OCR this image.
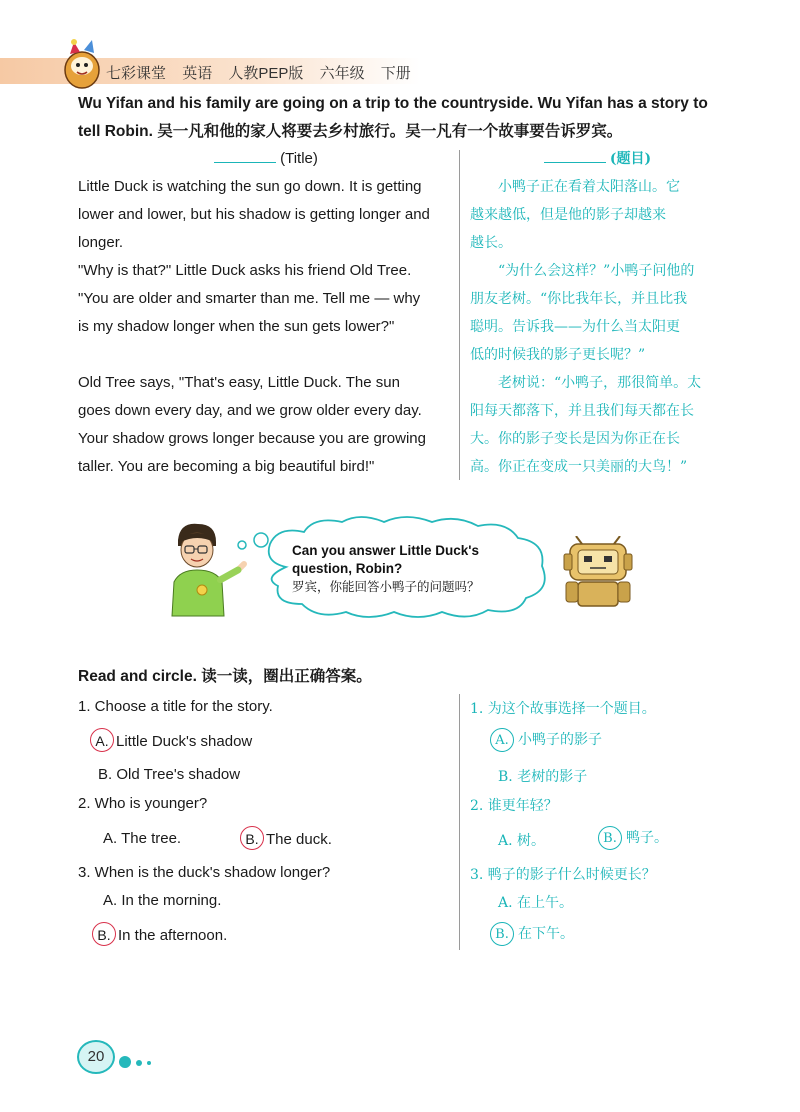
七彩课堂 英语 人教PEP版 六年级 下册
Wu Yifan and his family are going on a trip to the countryside. Wu Yifan has a story to
tell Robin. 吴一凡和他的家人将要去乡村旅行。吴一凡有一个故事要告诉罗宾。
(Title)

Little Duck is watching the sun go down. It is getting
lower and lower, but his shadow is getting longer and
longer.

"Why is that?" Little Duck asks his friend Old Tree.
"You are older and smarter than me. Tell me — why
is my shadow longer when the sun gets lower?"

Old Tree says, "That's easy, Little Duck. The sun
goes down every day, and we grow older every day.
Your shadow grows longer because you are growing
taller. You are becoming a big beautiful bird!"

(题目)

小鸭子正在看着太阳落山。它
越来越低，但是他的影子却越来
越长。

“为什么会这样？”小鸭子问他的
朋友老树。“你比我年长，并且比我
聪明。告诉我——为什么当太阳更
低的时候我的影子更长呢？”

老树说：“小鸭子，那很简单。太
阳每天都落下，并且我们每天都在长
大。你的影子变长是因为你正在长
高。你正在变成一只美丽的大鸟！”

Can you answer Little Duck's
question, Robin?
罗宾，你能回答小鸭子的问题吗？
Read and circle. 读一读，圈出正确答案。
1. Choose a title for the story.
A. Little Duck's shadow
B. Old Tree's shadow
2. Who is younger?
A. The tree.	B. The duck.
3. When is the duck's shadow longer?
A. In the morning.
B. In the afternoon.
1. 为这个故事选择一个题目。
A. 小鸭子的影子
B. 老树的影子
2. 谁更年轻？
A. 树。	B. 鸭子。
3. 鸭子的影子什么时候更长？
A. 在上午。
B. 在下午。
20
